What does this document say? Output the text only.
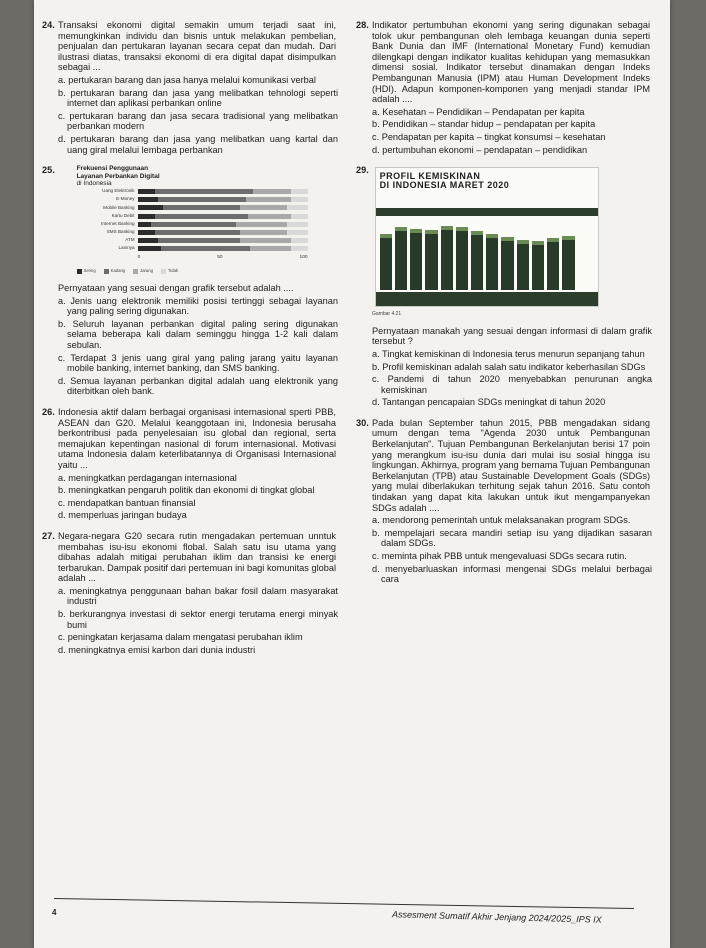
24. Transaksi ekonomi digital semakin umum terjadi saat ini, memungkinkan individu dan bisnis untuk melakukan pembelian, penjualan dan pertukaran layanan secara cepat dan mudah. Dari ilustrasi diatas, transaksi ekonomi di era digital dapat disimpulkan sebagai ...
a. pertukaran barang dan jasa hanya melalui komunikasi verbal
b. pertukaran barang dan jasa yang melibatkan tehnologi seperti internet dan aplikasi perbankan online
c. pertukaran barang dan jasa secara tradisional yang melibatkan perbankan modern
d. pertukaran barang dan jasa yang melibatkan uang kartal dan uang giral melalui lembaga perbankan
25.	Frekuensi Penggunaan
Layanan Perbankan Digital
di Indonesia
Uang Elektronik
E-Money
Mobile Banking
Kartu Debit
Internet Banking
SMS Banking
ATM
Lainnya
0	50	100
Sering	Kadang	Jarang	Tidak
Pernyataan yang sesuai dengan grafik tersebut adalah ....
a. Jenis uang elektronik memiliki posisi tertinggi sebagai layanan yang paling sering digunakan.
b. Seluruh layanan perbankan digital paling sering digunakan selama beberapa kali dalam seminggu hingga 1-2 kali dalam sebulan.
c. Terdapat 3 jenis uang giral yang paling jarang yaitu layanan mobile banking, internet banking, dan SMS banking.
d. Semua layanan perbankan digital adalah uang elektronik yang diterbitkan oleh bank.
26. Indonesia aktif dalam berbagai organisasi internasional sperti PBB, ASEAN dan G20. Melalui keanggotaan ini, Indonesia berusaha berkontribusi pada penyelesaian isu global dan regional, serta memajukan kepentingan nasional di forum internasional. Motivasi utama Indonesia dalam keterlibatannya di Organisasi Internasional yaitu ...
a. meningkatkan perdagangan internasional
b. meningkatkan pengaruh politik dan ekonomi di tingkat global
c. mendapatkan bantuan finansial
d. memperluas jaringan budaya
27. Negara-negara G20 secara rutin mengadakan pertemuan unntuk membahas isu-isu ekonomi flobal. Salah satu isu utama yang dibahas adalah mitigai perubahan iklim dan transisi ke energi terbarukan. Dampak positif dari pertemuan ini bagi komunitas global adalah ...
a. meningkatnya penggunaan bahan bakar fosil dalam masyarakat industri
b. berkurangnya investasi di sektor energi terutama energi minyak bumi
c. peningkatan kerjasama dalam mengatasi perubahan iklim
d. meningkatnya emisi karbon dari dunia industri
28. Indikator pertumbuhan ekonomi yang sering digunakan sebagai tolok ukur pembangunan oleh lembaga keuangan dunia seperti Bank Dunia dan IMF (International Monetary Fund) kemudian dilengkapi dengan indikator kualitas kehidupan yang memasukkan dimensi sosial. Indikator tersebut dinamakan dengan Indeks Pembangunan Manusia (IPM) atau Human Development Indeks (HDI). Adapun komponen-komponen yang menjadi standar IPM adalah ....
a. Kesehatan – Pendidikan – Pendapatan per kapita
b. Pendidikan – standar hidup – pendapatan per kapita
c. Pendapatan per kapita – tingkat konsumsi – kesehatan
d. pertumbuhan ekonomi – pendapatan – pendidikan
29.
PROFIL KEMISKINAN
DI INDONESIA MARET 2020
Gambar 4.21
Pernyataan manakah yang sesuai dengan informasi di dalam grafik tersebut ?
a. Tingkat kemiskinan di Indonesia terus menurun sepanjang tahun
b. Profil kemiskinan adalah salah satu indikator keberhasilan SDGs
c. Pandemi di tahun 2020 menyebabkan penurunan angka kemiskinan
d. Tantangan pencapaian SDGs meningkat di tahun 2020
30. Pada bulan September tahun 2015, PBB mengadakan sidang umum dengan tema "Agenda 2030 untuk Pembangunan Berkelanjutan". Tujuan Pembangunan Berkelanjutan berisi 17 poin yang merangkum isu-isu dunia dari mulai isu sosial hingga isu lingkungan. Akhirnya, program yang bernama Tujuan Pembangunan Berkelanjutan (TPB) atau Sustainable Development Goals (SDGs) yang mulai diberlakukan terhitung sejak tahun 2016. Satu contoh tindakan yang dapat kita lakukan untuk ikut mengampanyekan SDGs adalah ....
a. mendorong pemerintah untuk melaksanakan program SDGs.
b. mempelajari secara mandiri setiap isu yang dijadikan sasaran dalam SDGs.
c. meminta pihak PBB untuk mengevaluasi SDGs secara rutin.
d. menyebarluaskan informasi mengenai SDGs melalui berbagai cara
4	Assesment Sumatif Akhir Jenjang 2024/2025_IPS IX
